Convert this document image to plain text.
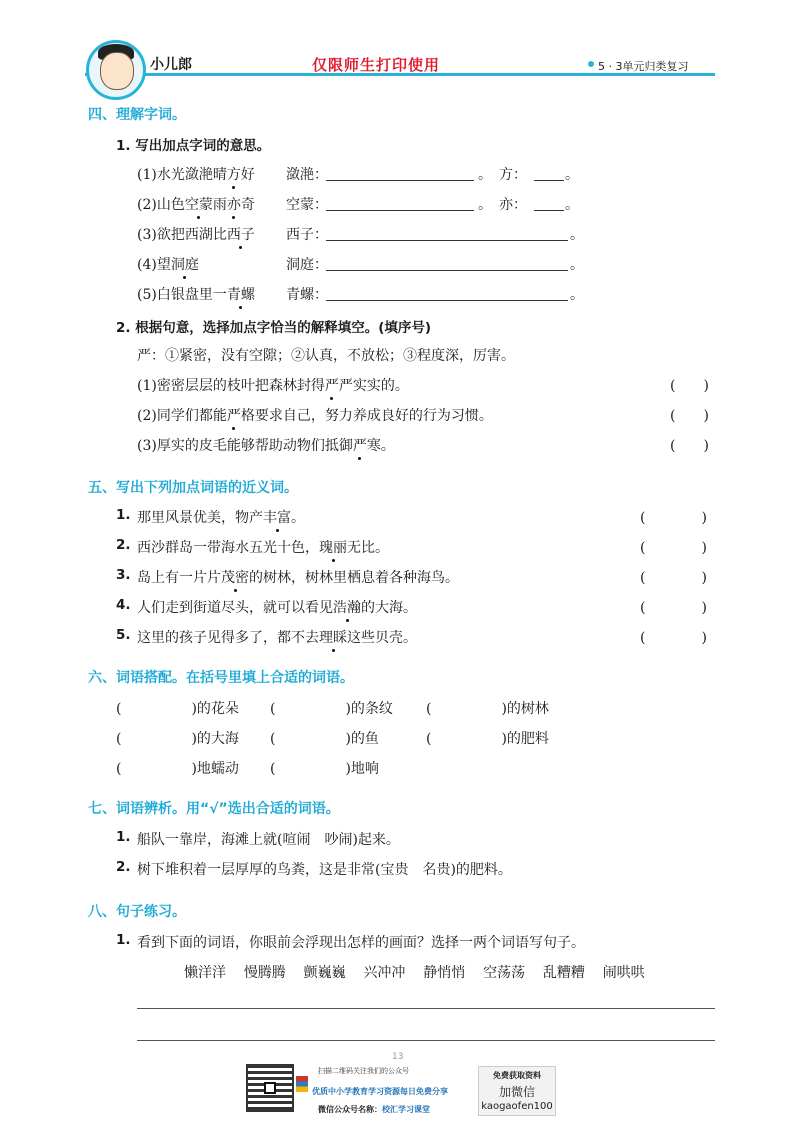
小儿郎	仅限师生打印使用	5 · 3单元归类复习
四、理解字词。
1. 写出加点字词的意思。
(1)水光潋滟晴方好 潋滟：	。 方：	。
(2)山色空蒙雨亦奇 空蒙：	。 亦：	。
(3)欲把西湖比西子 西子：	。
(4)望洞庭	洞庭：	。
(5)白银盘里一青螺 青螺：	。
2. 根据句意，选择加点字恰当的解释填空。(填序号)
严：①紧密，没有空隙；②认真，不放松；③程度深，厉害。
(1)密密层层的枝叶把森林封得严严实实的。	(　　)
(2)同学们都能严格要求自己，努力养成良好的行为习惯。	(　　)
(3)厚实的皮毛能够帮助动物们抵御严寒。	(　　)
五、写出下列加点词语的近义词。
1. 那里风景优美，物产丰富。	(　　　　)
2. 西沙群岛一带海水五光十色，瑰丽无比。	(　　　　)
3. 岛上有一片片茂密的树林，树林里栖息着各种海鸟。	(　　　　)
4. 人们走到街道尽头，就可以看见浩瀚的大海。	(　　　　)
5. 这里的孩子见得多了，都不去理睬这些贝壳。	(　　　　)
六、词语搭配。在括号里填上合适的词语。
(　　　　　)的花朵 (　　　　　)的条纹 (　　　　　)的树林
(　　　　　)的大海 (　　　　　)的鱼	(　　　　　)的肥料
(　　　　　)地蠕动 (　　　　　)地响
七、词语辨析。用“√”选出合适的词语。
1. 船队一靠岸，海滩上就(喧闹　吵闹)起来。
2. 树下堆积着一层厚厚的鸟粪，这是非常(宝贵　名贵)的肥料。
八、句子练习。
1. 看到下面的词语，你眼前会浮现出怎样的画面？选择一两个词语写句子。
懒洋洋 慢腾腾 颤巍巍 兴冲冲 静悄悄 空荡荡 乱糟糟 闹哄哄
13
扫描二维码关注我们的公众号
优质中小学教育学习资源每日免费分享
微信公众号名称：校汇学习课堂
免费获取资料
加微信
kaogaofen100
